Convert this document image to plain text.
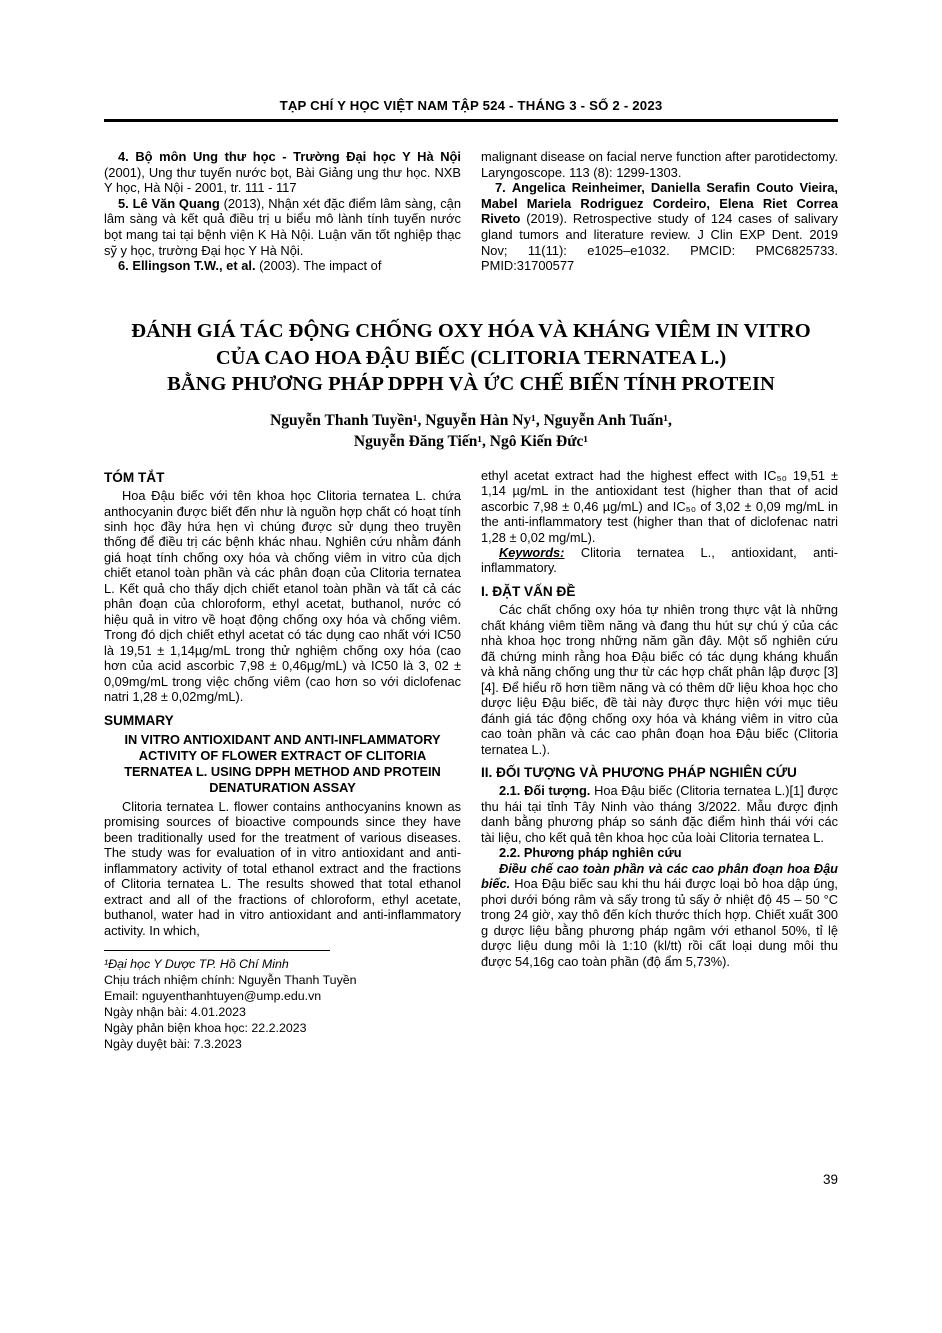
TẠP CHÍ Y HỌC VIỆT NAM TẬP 524 - THÁNG 3 - SỐ 2 - 2023

4. Bộ môn Ung thư học - Trường Đại học Y Hà Nội (2001), Ung thư tuyến nước bọt, Bài Giảng ung thư học. NXB Y học, Hà Nội - 2001, tr. 111 - 117

5. Lê Văn Quang (2013), Nhận xét đặc điểm lâm sàng, cận lâm sàng và kết quả điều trị u biểu mô lành tính tuyến nước bọt mang tai tại bệnh viện K Hà Nội. Luận văn tốt nghiệp thạc sỹ y học, trường Đại học Y Hà Nội.

6. Ellingson T.W., et al. (2003). The impact of

malignant disease on facial nerve function after parotidectomy. Laryngoscope. 113 (8): 1299-1303.

7. Angelica Reinheimer, Daniella Serafin Couto Vieira, Mabel Mariela Rodriguez Cordeiro, Elena Riet Correa Riveto (2019). Retrospective study of 124 cases of salivary gland tumors and literature review. J Clin EXP Dent. 2019 Nov; 11(11): e1025–e1032. PMCID: PMC6825733. PMID:31700577

ĐÁNH GIÁ TÁC ĐỘNG CHỐNG OXY HÓA VÀ KHÁNG VIÊM IN VITRO
CỦA CAO HOA ĐẬU BIẾC (CLITORIA TERNATEA L.)
BẰNG PHƯƠNG PHÁP DPPH VÀ ỨC CHẾ BIẾN TÍNH PROTEIN
Nguyễn Thanh Tuyền¹, Nguyễn Hàn Ny¹, Nguyễn Anh Tuấn¹,
Nguyễn Đăng Tiến¹, Ngô Kiến Đức¹
TÓM TẮT

Hoa Đậu biếc với tên khoa học Clitoria ternatea L. chứa anthocyanin được biết đến như là nguồn hợp chất có hoạt tính sinh học đầy hứa hẹn vì chúng được sử dụng theo truyền thống để điều trị các bệnh khác nhau. Nghiên cứu nhằm đánh giá hoạt tính chống oxy hóa và chống viêm in vitro của dịch chiết etanol toàn phần và các phân đoạn của Clitoria ternatea L. Kết quả cho thấy dịch chiết etanol toàn phần và tất cả các phân đoạn của chloroform, ethyl acetat, buthanol, nước có hiệu quả in vitro về hoạt động chống oxy hóa và chống viêm. Trong đó dịch chiết ethyl acetat có tác dụng cao nhất với IC50 là 19,51 ± 1,14µg/mL trong thử nghiệm chống oxy hóa (cao hơn của acid ascorbic 7,98 ± 0,46µg/mL) và IC50 là 3, 02 ± 0,09mg/mL trong việc chống viêm (cao hơn so với diclofenac natri 1,28 ± 0,02mg/mL).

SUMMARY
IN VITRO ANTIOXIDANT AND ANTI-INFLAMMATORY ACTIVITY OF FLOWER EXTRACT OF CLITORIA TERNATEA L. USING DPPH METHOD AND PROTEIN DENATURATION ASSAY

Clitoria ternatea L. flower contains anthocyanins known as promising sources of bioactive compounds since they have been traditionally used for the treatment of various diseases. The study was for evaluation of in vitro antioxidant and anti-inflammatory activity of total ethanol extract and the fractions of Clitoria ternatea L. The results showed that total ethanol extract and all of the fractions of chloroform, ethyl acetate, buthanol, water had in vitro antioxidant and anti-inflammatory activity. In which,

¹Đại học Y Dược TP. Hồ Chí Minh
Chịu trách nhiệm chính: Nguyễn Thanh Tuyền
Email: nguyenthanhtuyen@ump.edu.vn
Ngày nhận bài: 4.01.2023
Ngày phản biện khoa học: 22.2.2023
Ngày duyệt bài: 7.3.2023

ethyl acetat extract had the highest effect with IC₅₀ 19,51 ± 1,14 µg/mL in the antioxidant test (higher than that of acid ascorbic 7,98 ± 0,46 µg/mL) and IC₅₀ of 3,02 ± 0,09 mg/mL in the anti-inflammatory test (higher than that of diclofenac natri 1,28 ± 0,02 mg/mL).

Keywords: Clitoria ternatea L., antioxidant, anti-inflammatory.

I. ĐẶT VẤN ĐỀ

Các chất chống oxy hóa tự nhiên trong thực vật là những chất kháng viêm tiềm năng và đang thu hút sự chú ý của các nhà khoa học trong những năm gần đây. Một số nghiên cứu đã chứng minh rằng hoa Đậu biếc có tác dụng kháng khuẩn và khả năng chống ung thư từ các hợp chất phân lập được [3][4]. Để hiểu rõ hơn tiềm năng và có thêm dữ liệu khoa học cho dược liệu Đậu biếc, đề tài này được thực hiện với mục tiêu đánh giá tác động chống oxy hóa và kháng viêm in vitro của cao toàn phần và các cao phân đoạn hoa Đậu biếc (Clitoria ternatea L.).

II. ĐỐI TƯỢNG VÀ PHƯƠNG PHÁP NGHIÊN CỨU

2.1. Đối tượng. Hoa Đậu biếc (Clitoria ternatea L.)[1] được thu hái tại tỉnh Tây Ninh vào tháng 3/2022. Mẫu được định danh bằng phương pháp so sánh đặc điểm hình thái với các tài liệu, cho kết quả tên khoa học của loài Clitoria ternatea L.

2.2. Phương pháp nghiên cứu

Điều chế cao toàn phần và các cao phân đoạn hoa Đậu biếc. Hoa Đậu biếc sau khi thu hái được loại bỏ hoa dập úng, phơi dưới bóng râm và sấy trong tủ sấy ở nhiệt độ 45 – 50 °C trong 24 giờ, xay thô đến kích thước thích hợp. Chiết xuất 300 g dược liệu bằng phương pháp ngâm với ethanol 50%, tỉ lệ dược liệu dung môi là 1:10 (kl/tt) rồi cất loại dung môi thu được 54,16g cao toàn phần (độ ẩm 5,73%).

39
